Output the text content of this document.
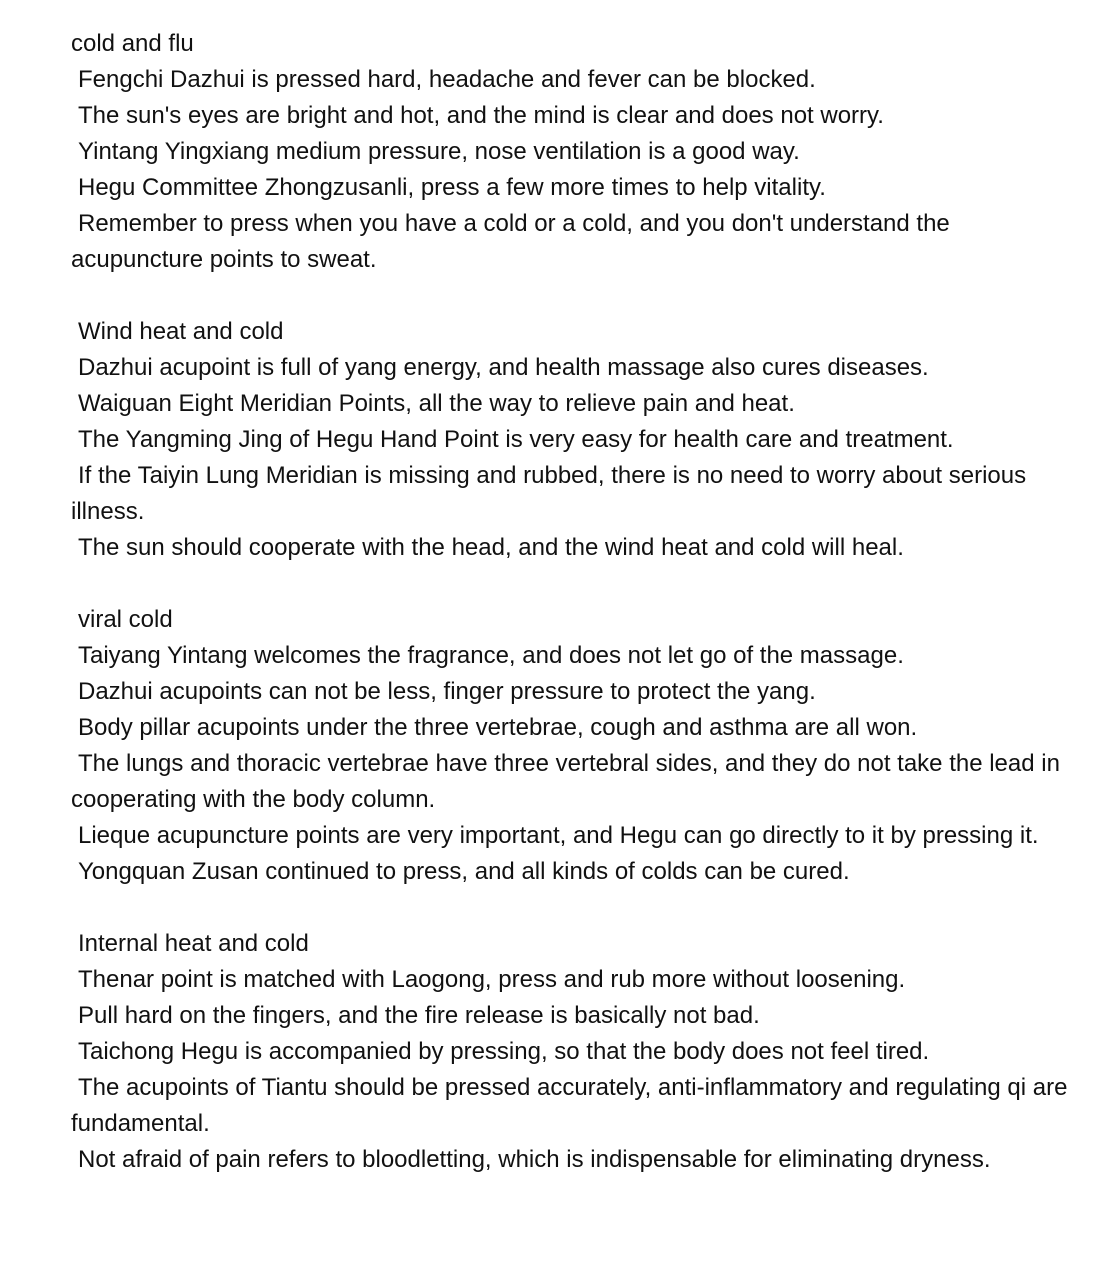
cold and flu

Fengchi Dazhui is pressed hard, headache and fever can be blocked.

The sun's eyes are bright and hot, and the mind is clear and does not worry.

Yintang Yingxiang medium pressure, nose ventilation is a good way.

Hegu Committee Zhongzusanli, press a few more times to help vitality.

Remember to press when you have a cold or a cold, and you don't understand the acupuncture points to sweat.

Wind heat and cold

Dazhui acupoint is full of yang energy, and health massage also cures diseases.

Waiguan Eight Meridian Points, all the way to relieve pain and heat.

The Yangming Jing of Hegu Hand Point is very easy for health care and treatment.

If the Taiyin Lung Meridian is missing and rubbed, there is no need to worry about serious illness.

The sun should cooperate with the head, and the wind heat and cold will heal.

viral cold

Taiyang Yintang welcomes the fragrance, and does not let go of the massage.

Dazhui acupoints can not be less, finger pressure to protect the yang.

Body pillar acupoints under the three vertebrae, cough and asthma are all won.

The lungs and thoracic vertebrae have three vertebral sides, and they do not take the lead in cooperating with the body column.

Lieque acupuncture points are very important, and Hegu can go directly to it by pressing it.

Yongquan Zusan continued to press, and all kinds of colds can be cured.

Internal heat and cold

Thenar point is matched with Laogong, press and rub more without loosening.

Pull hard on the fingers, and the fire release is basically not bad.

Taichong Hegu is accompanied by pressing, so that the body does not feel tired.

The acupoints of Tiantu should be pressed accurately, anti-inflammatory and regulating qi are fundamental.

Not afraid of pain refers to bloodletting, which is indispensable for eliminating dryness.
